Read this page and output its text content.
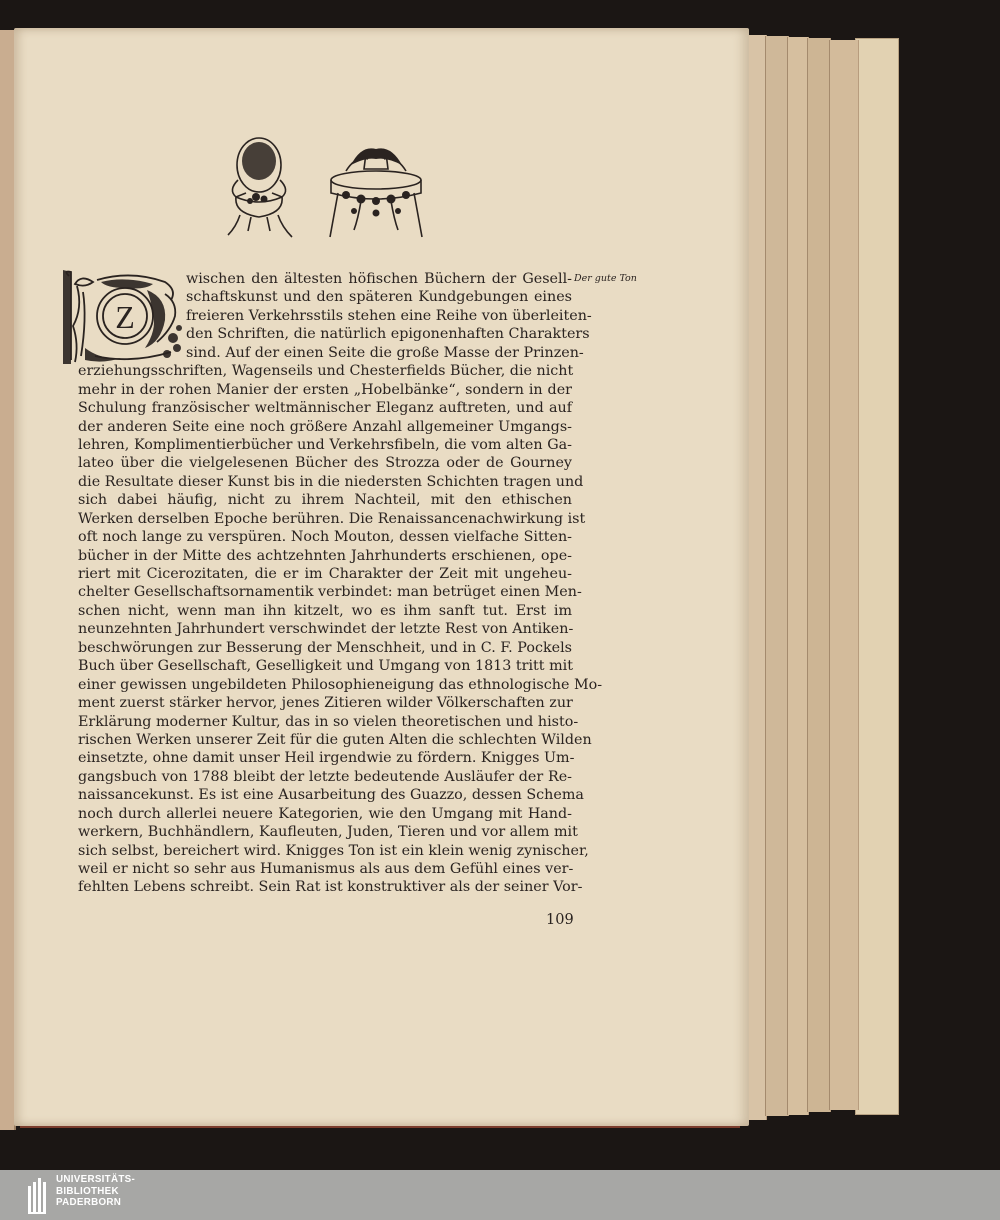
Z
wischen den ältesten höfischen Büchern der Gesell-
schaftskunst und den späteren Kundgebungen eines
freieren Verkehrsstils stehen eine Reihe von überleiten-
den Schriften, die natürlich epigonenhaften Charakters
sind. Auf der einen Seite die große Masse der Prinzen-
erziehungsschriften, Wagenseils und Chesterfields Bücher, die nicht
mehr in der rohen Manier der ersten „Hobelbänke“, sondern in der
Schulung französischer weltmännischer Eleganz auftreten, und auf
der anderen Seite eine noch größere Anzahl allgemeiner Umgangs-
lehren, Komplimentierbücher und Verkehrsfibeln, die vom alten Ga-
lateo über die vielgelesenen Bücher des Strozza oder de Gourney
die Resultate dieser Kunst bis in die niedersten Schichten tragen und
sich dabei häufig, nicht zu ihrem Nachteil, mit den ethischen
Werken derselben Epoche berühren. Die Renaissancenachwirkung ist
oft noch lange zu verspüren. Noch Mouton, dessen vielfache Sitten-
bücher in der Mitte des achtzehnten Jahrhunderts erschienen, ope-
riert mit Cicerozitaten, die er im Charakter der Zeit mit ungeheu-
chelter Gesellschaftsornamentik verbindet: man betrüget einen Men-
schen nicht, wenn man ihn kitzelt, wo es ihm sanft tut. Erst im
neunzehnten Jahrhundert verschwindet der letzte Rest von Antiken-
beschwörungen zur Besserung der Menschheit, und in C. F. Pockels
Buch über Gesellschaft, Geselligkeit und Umgang von 1813 tritt mit
einer gewissen ungebildeten Philosophieneigung das ethnologische Mo-
ment zuerst stärker hervor, jenes Zitieren wilder Völkerschaften zur
Erklärung moderner Kultur, das in so vielen theoretischen und histo-
rischen Werken unserer Zeit für die guten Alten die schlechten Wilden
einsetzte, ohne damit unser Heil irgendwie zu fördern. Knigges Um-
gangsbuch von 1788 bleibt der letzte bedeutende Ausläufer der Re-
naissancekunst. Es ist eine Ausarbeitung des Guazzo, dessen Schema
noch durch allerlei neuere Kategorien, wie den Umgang mit Hand-
werkern, Buchhändlern, Kaufleuten, Juden, Tieren und vor allem mit
sich selbst, bereichert wird. Knigges Ton ist ein klein wenig zynischer,
weil er nicht so sehr aus Humanismus als aus dem Gefühl eines ver-
fehlten Lebens schreibt. Sein Rat ist konstruktiver als der seiner Vor-
Der gute Ton
109
UNIVERSITÄTS-
BIBLIOTHEK
PADERBORN
